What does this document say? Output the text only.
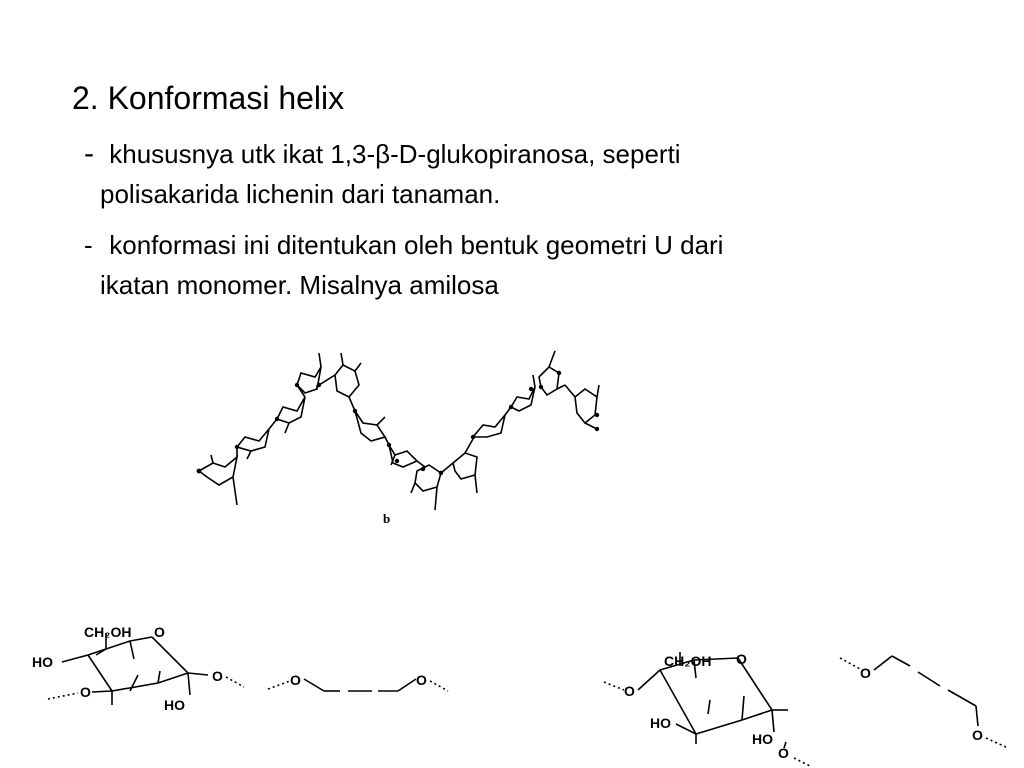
2. Konformasi helix

- khususnya utk ikat 1,3-β-D-glukopiranosa, seperti
polisakarida lichenin dari tanaman.

- konformasi ini ditentukan oleh bentuk geometri U dari
ikatan monomer. Misalnya amilosa

b
CH₂OH O
HO
O
HO
O	O	O
CH₂OH O
O
HO
HO
O
O
O
